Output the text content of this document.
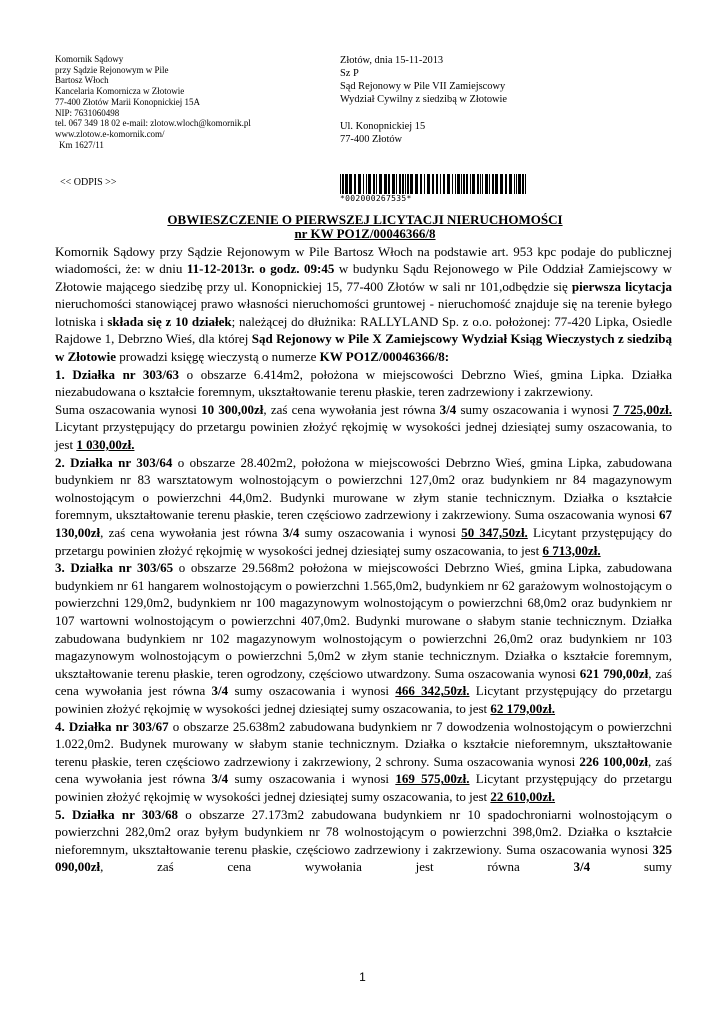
Komornik Sądowy
przy Sądzie Rejonowym w Pile
Bartosz Włoch
Kancelaria Komornicza w Złotowie
77-400 Złotów Marii Konopnickiej 15A
NIP: 7631060498
tel. 067 349 18 02 e-mail: zlotow.wloch@komornik.pl
www.zlotow.e-komornik.com/
Km 1627/11
<< ODPIS >>
Złotów, dnia 15-11-2013
Sz P
Sąd Rejonowy w Pile VII Zamiejscowy
Wydział Cywilny z siedzibą w Złotowie
Ul. Konopnickiej 15
77-400 Złotów
*002000267535*
OBWIESZCZENIE O PIERWSZEJ LICYTACJI NIERUCHOMOŚCI
nr KW PO1Z/00046366/8

Komornik Sądowy przy Sądzie Rejonowym w Pile Bartosz Włoch na podstawie art. 953 kpc podaje do publicznej wiadomości, że: w dniu 11-12-2013r. o godz. 09:45 w budynku Sądu Rejonowego w Pile Oddział Zamiejscowy w Złotowie mającego siedzibę przy ul. Konopnickiej 15, 77-400 Złotów w sali nr 101,odbędzie się pierwsza licytacja nieruchomości stanowiącej prawo własności nieruchomości gruntowej - nieruchomość znajduje się na terenie byłego lotniska i składa się z 10 działek; należącej do dłużnika: RALLYLAND Sp. z o.o. położonej: 77-420 Lipka, Osiedle Rajdowe 1, Debrzno Wieś, dla której Sąd Rejonowy w Pile X Zamiejscowy Wydział Ksiąg Wieczystych z siedzibą w Złotowie prowadzi księgę wieczystą o numerze KW PO1Z/00046366/8:

1. Działka nr 303/63 o obszarze 6.414m2, położona w miejscowości Debrzno Wieś, gmina Lipka. Działka niezabudowana o kształcie foremnym, ukształtowanie terenu płaskie, teren zadrzewiony i zakrzewiony.

Suma oszacowania wynosi 10 300,00zł, zaś cena wywołania jest równa 3/4 sumy oszacowania i wynosi 7 725,00zł. Licytant przystępujący do przetargu powinien złożyć rękojmię w wysokości jednej dziesiątej sumy oszacowania, to jest 1 030,00zł.

2. Działka nr 303/64 o obszarze 28.402m2, położona w miejscowości Debrzno Wieś, gmina Lipka, zabudowana budynkiem nr 83 warsztatowym wolnostojącym o powierzchni 127,0m2 oraz budynkiem nr 84 magazynowym wolnostojącym o powierzchni 44,0m2. Budynki murowane w złym stanie technicznym. Działka o kształcie foremnym, ukształtowanie terenu płaskie, teren częściowo zadrzewiony i zakrzewiony. Suma oszacowania wynosi 67 130,00zł, zaś cena wywołania jest równa 3/4 sumy oszacowania i wynosi 50 347,50zł. Licytant przystępujący do przetargu powinien złożyć rękojmię w wysokości jednej dziesiątej sumy oszacowania, to jest 6 713,00zł.

3. Działka nr 303/65 o obszarze 29.568m2 położona w miejscowości Debrzno Wieś, gmina Lipka, zabudowana budynkiem nr 61 hangarem wolnostojącym o powierzchni 1.565,0m2, budynkiem nr 62 garażowym wolnostojącym o powierzchni 129,0m2, budynkiem nr 100 magazynowym wolnostojącym o powierzchni 68,0m2 oraz budynkiem nr 107 wartowni wolnostojącym o powierzchni 407,0m2. Budynki murowane o słabym stanie technicznym. Działka zabudowana budynkiem nr 102 magazynowym wolnostojącym o powierzchni 26,0m2 oraz budynkiem nr 103 magazynowym wolnostojącym o powierzchni 5,0m2 w złym stanie technicznym. Działka o kształcie foremnym, ukształtowanie terenu płaskie, teren ogrodzony, częściowo utwardzony. Suma oszacowania wynosi 621 790,00zł, zaś cena wywołania jest równa 3/4 sumy oszacowania i wynosi 466 342,50zł. Licytant przystępujący do przetargu powinien złożyć rękojmię w wysokości jednej dziesiątej sumy oszacowania, to jest 62 179,00zł.

4. Działka nr 303/67 o obszarze 25.638m2 zabudowana budynkiem nr 7 dowodzenia wolnostojącym o powierzchni 1.022,0m2. Budynek murowany w słabym stanie technicznym. Działka o kształcie nieforemnym, ukształtowanie terenu płaskie, teren częściowo zadrzewiony i zakrzewiony, 2 schrony. Suma oszacowania wynosi 226 100,00zł, zaś cena wywołania jest równa 3/4 sumy oszacowania i wynosi 169 575,00zł. Licytant przystępujący do przetargu powinien złożyć rękojmię w wysokości jednej dziesiątej sumy oszacowania, to jest 22 610,00zł.

5. Działka nr 303/68 o obszarze 27.173m2 zabudowana budynkiem nr 10 spadochroniarni wolnostojącym o powierzchni 282,0m2 oraz byłym budynkiem nr 78 wolnostojącym o powierzchni 398,0m2. Działka o kształcie nieforemnym, ukształtowanie terenu płaskie, częściowo zadrzewiony i zakrzewiony. Suma oszacowania wynosi 325 090,00zł, zaś cena wywołania jest równa 3/4 sumy

1
